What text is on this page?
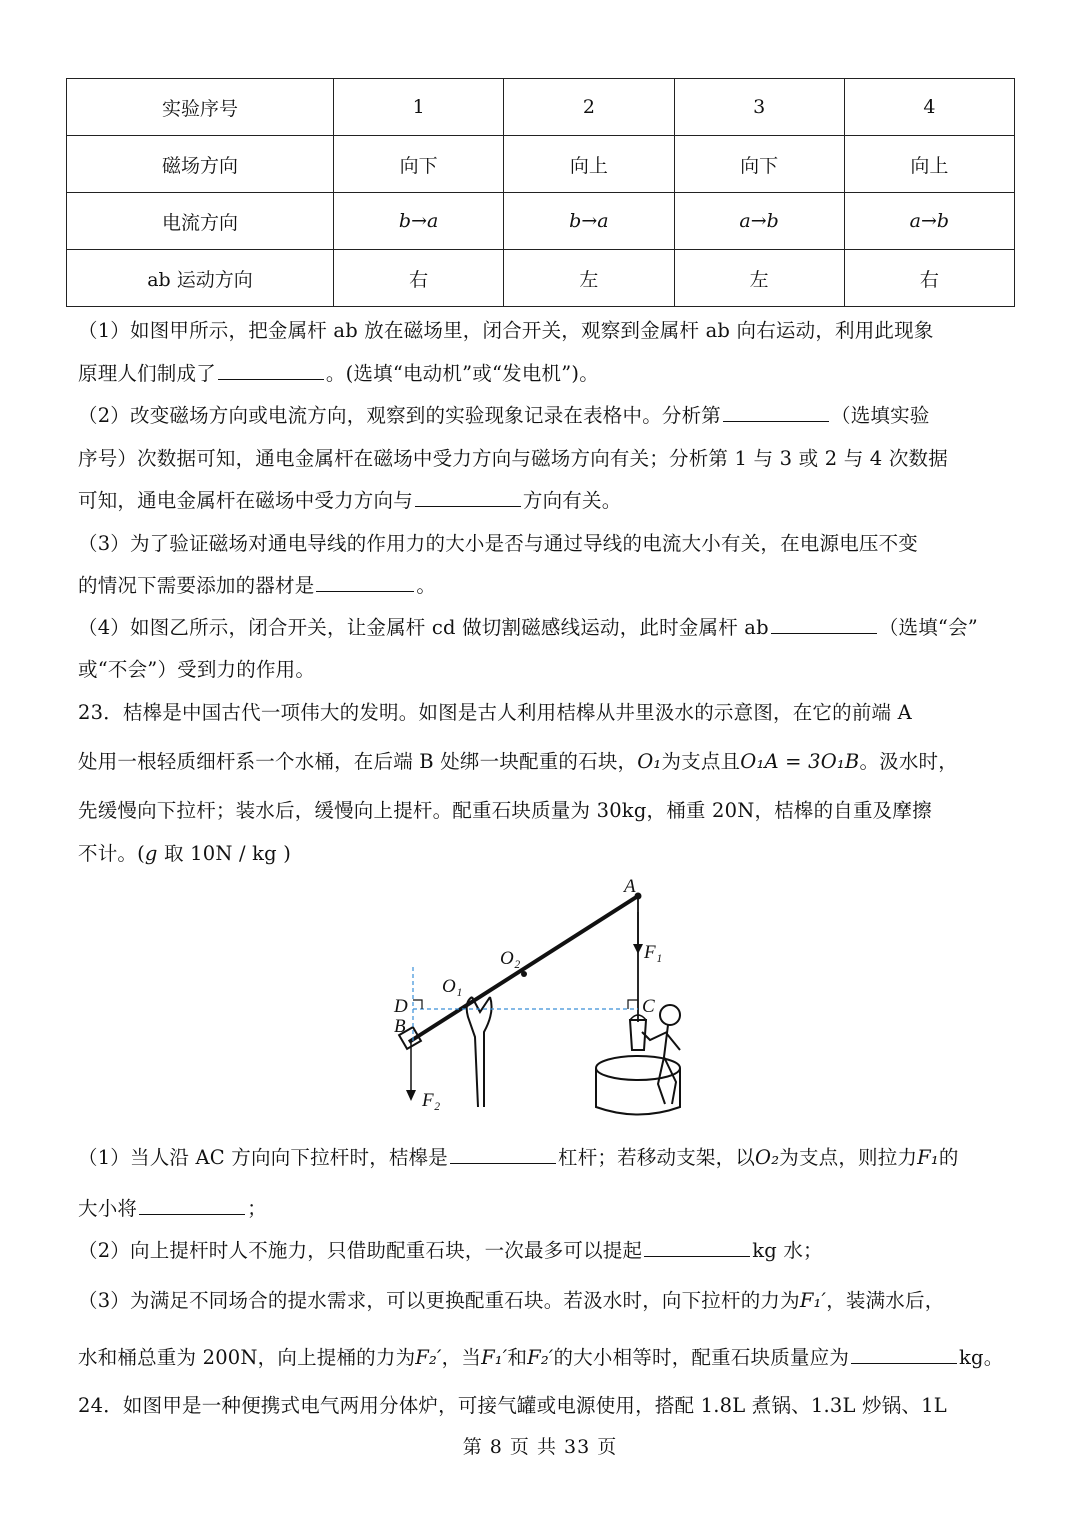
实验序号	1	2	3	4
磁场方向	向下	向上	向下	向上
电流方向	b→a	b→a	a→b	a→b
ab 运动方向	右	左	左	右
（1）如图甲所示，把金属杆 ab 放在磁场里，闭合开关，观察到金属杆 ab 向右运动，利用此现象
原理人们制成了	。(选填“电动机”或“发电机”)。
（2）改变磁场方向或电流方向，观察到的实验现象记录在表格中。分析第	（选填实验
序号）次数据可知，通电金属杆在磁场中受力方向与磁场方向有关；分析第 1 与 3 或 2 与 4 次数据
可知，通电金属杆在磁场中受力方向与	方向有关。
（3）为了验证磁场对通电导线的作用力的大小是否与通过导线的电流大小有关，在电源电压不变
的情况下需要添加的器材是	。
（4）如图乙所示，闭合开关，让金属杆 cd 做切割磁感线运动，此时金属杆 ab	（选填“会”
或“不会”）受到力的作用。
23．桔槔是中国古代一项伟大的发明。如图是古人利用桔槔从井里汲水的示意图，在它的前端 A
处用一根轻质细杆系一个水桶，在后端 B 处绑一块配重的石块，O₁为支点且O₁A = 3O₁B。汲水时，
先缓慢向下拉杆；装水后，缓慢向上提杆。配重石块质量为 30kg，桶重 20N，桔槔的自重及摩擦
不计。(g 取 10N / kg )
A
O₂
O₁
F₁
D	C
B
F₂
（1）当人沿 AC 方向向下拉杆时，桔槔是	杠杆；若移动支架，以O₂为支点，则拉力F₁的
大小将	；
（2）向上提杆时人不施力，只借助配重石块，一次最多可以提起	kg 水；
（3）为满足不同场合的提水需求，可以更换配重石块。若汲水时，向下拉杆的力为F₁′，装满水后，
水和桶总重为 200N，向上提桶的力为F₂′，当F₁′和F₂′的大小相等时，配重石块质量应为	kg。
24．如图甲是一种便携式电气两用分体炉，可接气罐或电源使用，搭配 1.8L 煮锅、1.3L 炒锅、1L
第 8 页 共 33 页
